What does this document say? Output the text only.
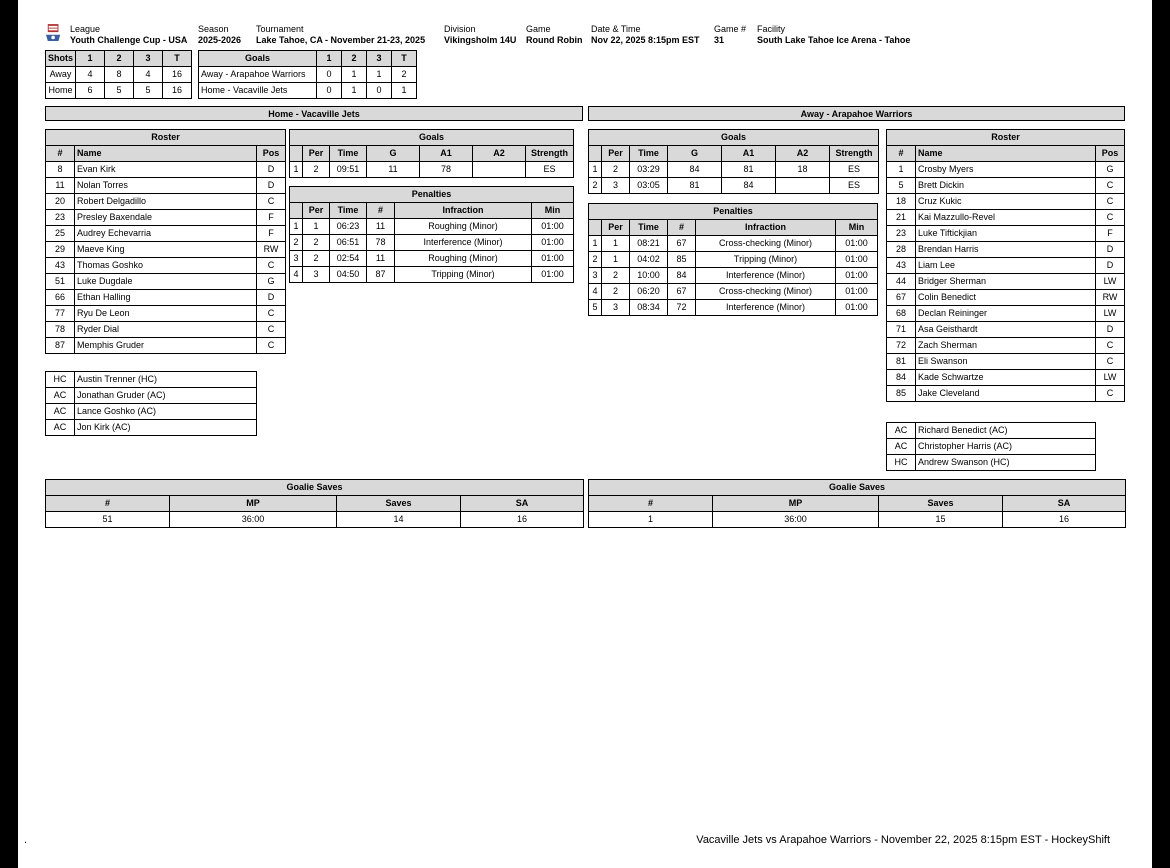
League
Youth Challenge Cup - USA
Season
2025-2026
Tournament
Lake Tahoe, CA - November 21-23, 2025
Division
Vikingsholm 14U
Game
Round Robin
Date & Time
Nov 22, 2025 8:15pm EST
Game #
31
Facility
South Lake Tahoe Ice Arena - Tahoe
Shots	1	2	3	T
Away	4	8	4	16
Home	6	5	5	16
Goals	1	2	3	T
Away - Arapahoe Warriors	0	1	1	2
Home - Vacaville Jets	0	1	0	1
Home - Vacaville Jets	Away - Arapahoe Warriors
Roster		
#	Name	Pos
8	Evan Kirk	D
11	Nolan Torres	D
20	Robert Delgadillo	C
23	Presley Baxendale	F
25	Audrey Echevarria	F
29	Maeve King	RW
43	Thomas Goshko	C
51	Luke Dugdale	G
66	Ethan Halling	D
77	Ryu De Leon	C
78	Ryder Dial	C
87	Memphis Gruder	C
HC	Austin Trenner (HC)
AC	Jonathan Gruder (AC)
AC	Lance Goshko (AC)
AC	Jon Kirk (AC)
Goals						
	Per	Time	G	A1	A2	Strength
1	2	09:51	11	78		ES
Penalties					
	Per	Time	#	Infraction	Min
1	1	06:23	11	Roughing (Minor)	01:00
2	2	06:51	78	Interference (Minor)	01:00
3	2	02:54	11	Roughing (Minor)	01:00
4	3	04:50	87	Tripping (Minor)	01:00
Goals						
	Per	Time	G	A1	A2	Strength
1	2	03:29	84	81	18	ES
2	3	03:05	81	84		ES
Penalties					
	Per	Time	#	Infraction	Min
1	1	08:21	67	Cross-checking (Minor)	01:00
2	1	04:02	85	Tripping (Minor)	01:00
3	2	10:00	84	Interference (Minor)	01:00
4	2	06:20	67	Cross-checking (Minor)	01:00
5	3	08:34	72	Interference (Minor)	01:00
Roster		
#	Name	Pos
1	Crosby Myers	G
5	Brett Dickin	C
18	Cruz Kukic	C
21	Kai Mazzullo-Revel	C
23	Luke Tiftickjian	F
28	Brendan Harris	D
43	Liam Lee	D
44	Bridger Sherman	LW
67	Colin Benedict	RW
68	Declan Reininger	LW
71	Asa Geisthardt	D
72	Zach Sherman	C
81	Eli Swanson	C
84	Kade Schwartze	LW
85	Jake Cleveland	C
AC	Richard Benedict (AC)
AC	Christopher Harris (AC)
HC	Andrew Swanson (HC)
Goalie Saves			
#	MP	Saves	SA
51	36:00	14	16
Goalie Saves			
#	MP	Saves	SA
1	36:00	15	16
.	Vacaville Jets vs Arapahoe Warriors - November 22, 2025 8:15pm EST - HockeyShift
